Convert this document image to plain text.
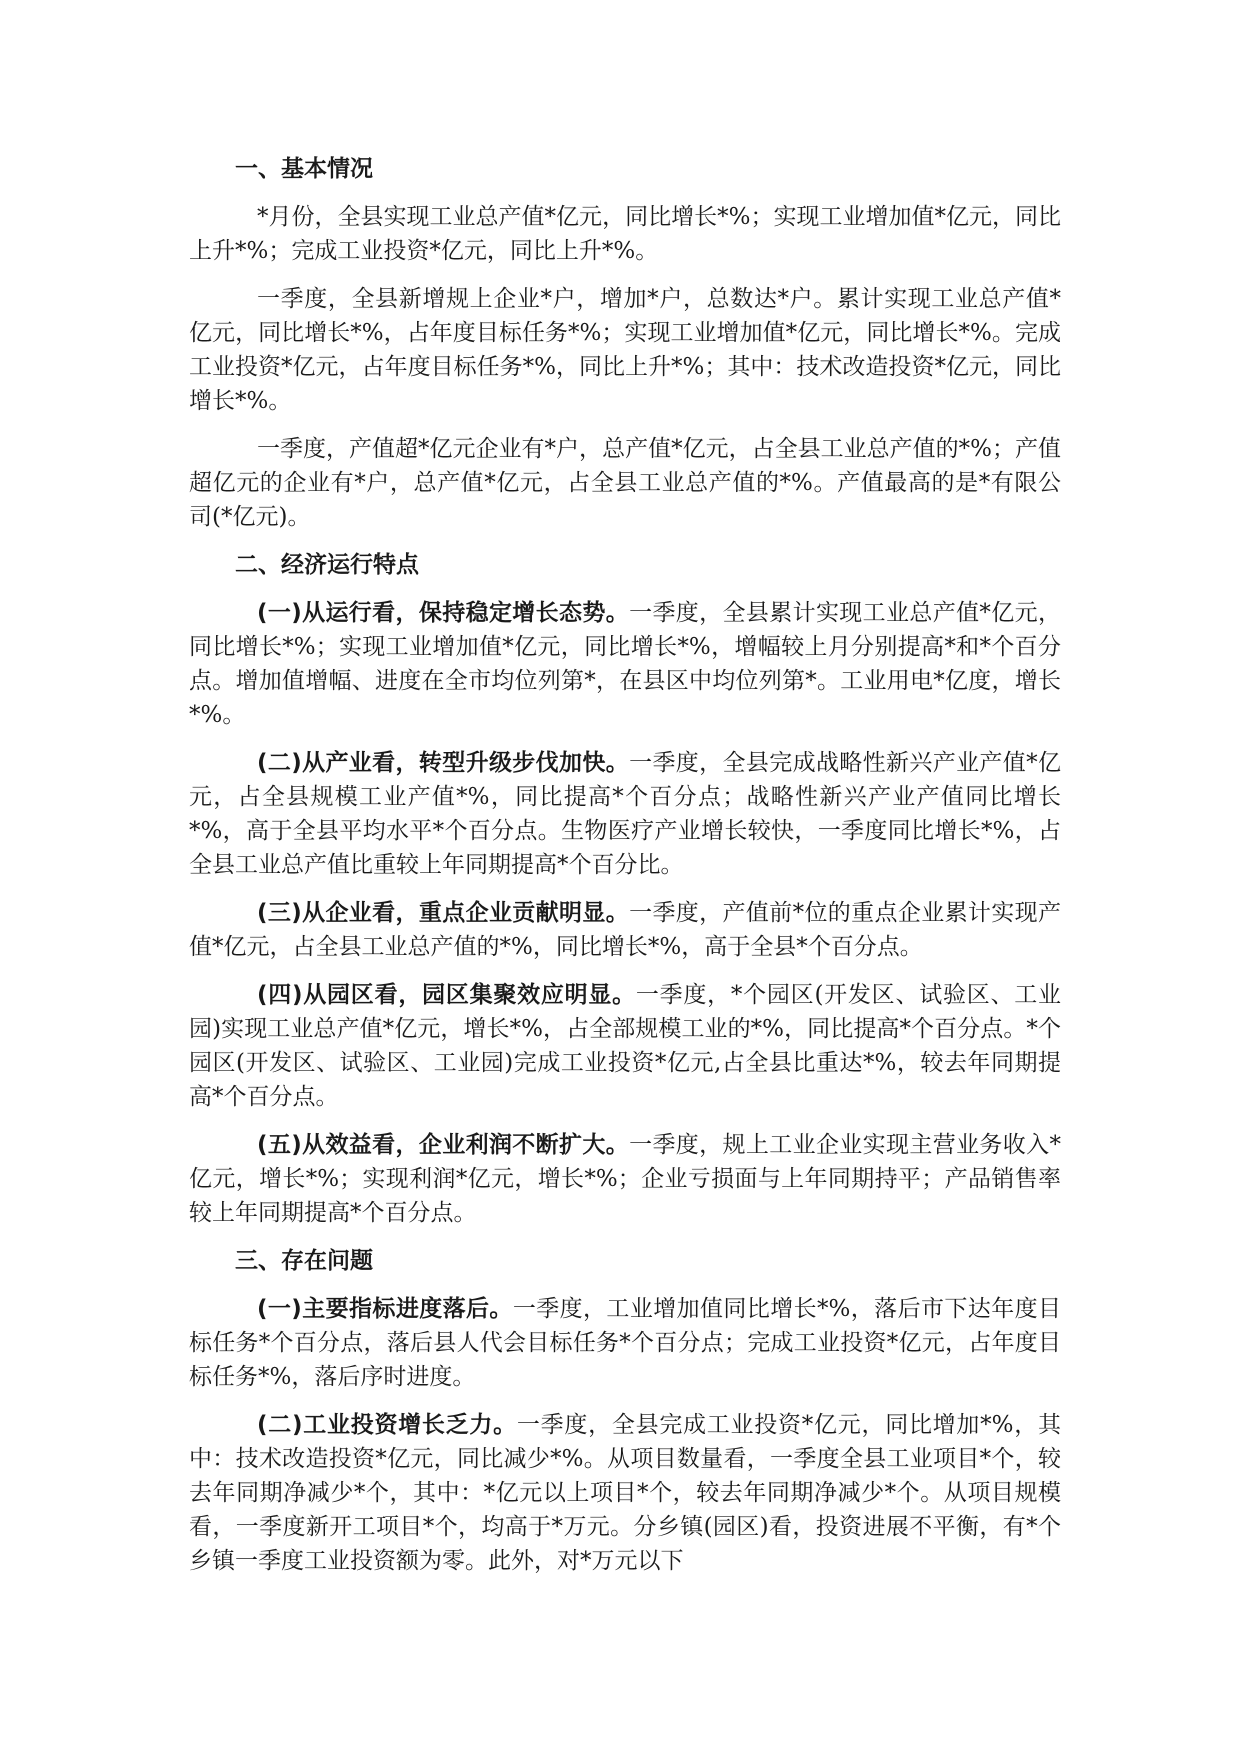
一、基本情况

*月份，全县实现工业总产值*亿元，同比增长*%；实现工业增加值*亿元，同比上升*%；完成工业投资*亿元，同比上升*%。

一季度，全县新增规上企业*户，增加*户，总数达*户。累计实现工业总产值*亿元，同比增长*%，占年度目标任务*%；实现工业增加值*亿元，同比增长*%。完成工业投资*亿元，占年度目标任务*%，同比上升*%；其中：技术改造投资*亿元，同比增长*%。

一季度，产值超*亿元企业有*户，总产值*亿元，占全县工业总产值的*%；产值超亿元的企业有*户，总产值*亿元，占全县工业总产值的*%。产值最高的是*有限公司(*亿元)。

二、经济运行特点

(一)从运行看，保持稳定增长态势。一季度，全县累计实现工业总产值*亿元，同比增长*%；实现工业增加值*亿元，同比增长*%，增幅较上月分别提高*和*个百分点。增加值增幅、进度在全市均位列第*，在县区中均位列第*。工业用电*亿度，增长*%。

(二)从产业看，转型升级步伐加快。一季度，全县完成战略性新兴产业产值*亿元，占全县规模工业产值*%，同比提高*个百分点；战略性新兴产业产值同比增长*%，高于全县平均水平*个百分点。生物医疗产业增长较快，一季度同比增长*%，占全县工业总产值比重较上年同期提高*个百分比。

(三)从企业看，重点企业贡献明显。一季度，产值前*位的重点企业累计实现产值*亿元，占全县工业总产值的*%，同比增长*%，高于全县*个百分点。

(四)从园区看，园区集聚效应明显。一季度，*个园区(开发区、试验区、工业园)实现工业总产值*亿元，增长*%，占全部规模工业的*%，同比提高*个百分点。*个园区(开发区、试验区、工业园)完成工业投资*亿元,占全县比重达*%，较去年同期提高*个百分点。

(五)从效益看，企业利润不断扩大。一季度，规上工业企业实现主营业务收入*亿元，增长*%；实现利润*亿元，增长*%；企业亏损面与上年同期持平；产品销售率较上年同期提高*个百分点。

三、存在问题

(一)主要指标进度落后。一季度，工业增加值同比增长*%，落后市下达年度目标任务*个百分点，落后县人代会目标任务*个百分点；完成工业投资*亿元，占年度目标任务*%，落后序时进度。

(二)工业投资增长乏力。一季度，全县完成工业投资*亿元，同比增加*%，其中：技术改造投资*亿元，同比减少*%。从项目数量看，一季度全县工业项目*个，较去年同期净减少*个，其中：*亿元以上项目*个，较去年同期净减少*个。从项目规模看，一季度新开工项目*个，均高于*万元。分乡镇(园区)看，投资进展不平衡，有*个乡镇一季度工业投资额为零。此外，对*万元以下
